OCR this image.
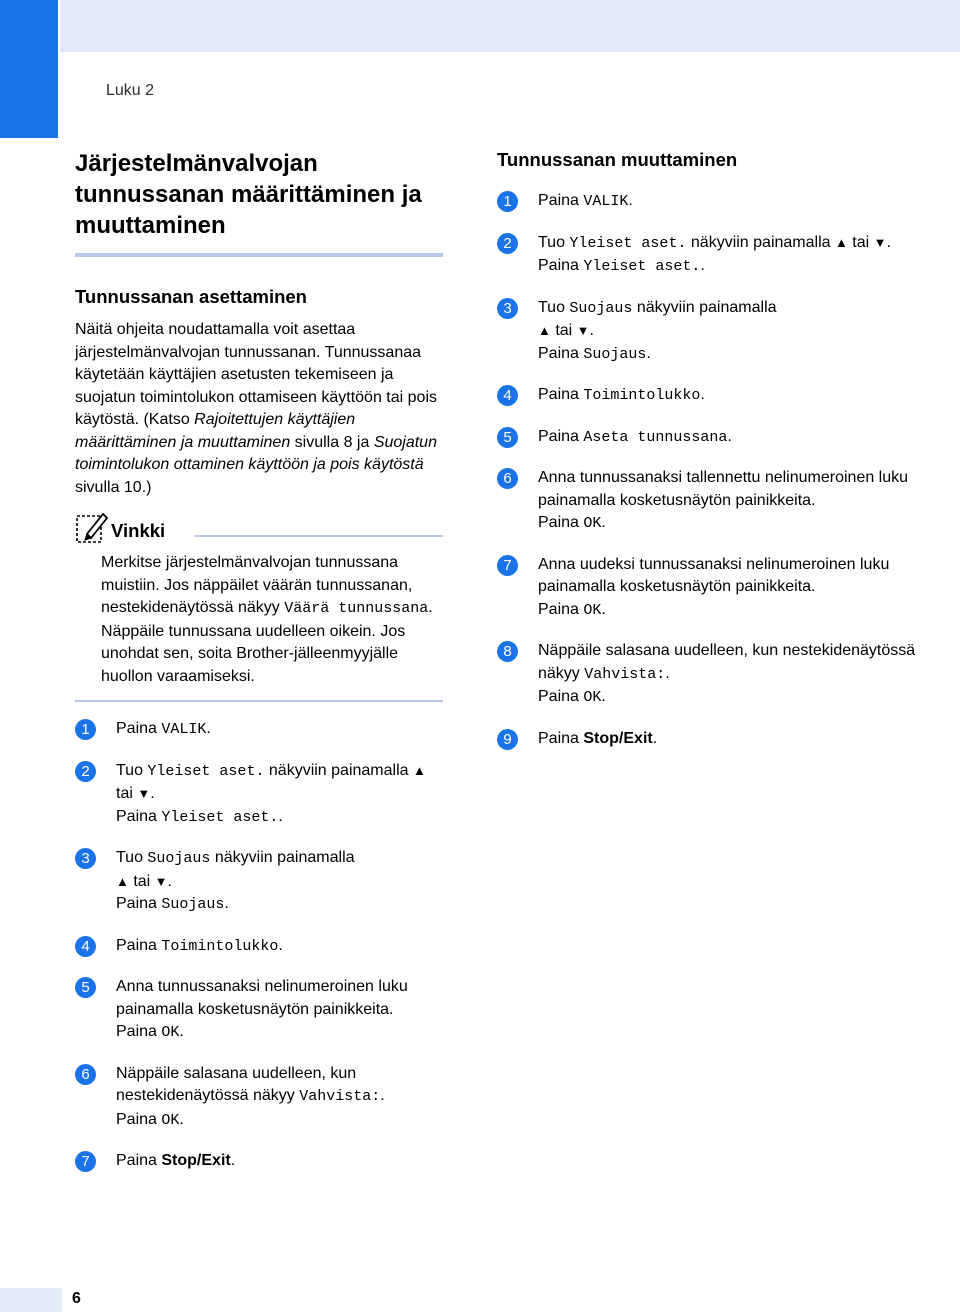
Luku 2
Järjestelmänvalvojan tunnussanan määrittäminen ja muuttaminen
Tunnussanan asettaminen
Näitä ohjeita noudattamalla voit asettaa järjestelmänvalvojan tunnussanan. Tunnussanaa käytetään käyttäjien asetusten tekemiseen ja suojatun toimintolukon ottamiseen käyttöön tai pois käytöstä. (Katso Rajoitettujen käyttäjien määrittäminen ja muuttaminen sivulla 8 ja Suojatun toimintolukon ottaminen käyttöön ja pois käytöstä sivulla 10.)
Vinkki
Merkitse järjestelmänvalvojan tunnussana muistiin. Jos näppäilet väärän tunnussanan, nestekidenäytössä näkyy Väärä tunnussana. Näppäile tunnussana uudelleen oikein. Jos unohdat sen, soita Brother-jälleenmyyjälle huollon varaamiseksi.
1	Paina VALIK.
2	Tuo Yleiset aset. näkyviin painamalla ▲ tai ▼.
Paina Yleiset aset..
3	Tuo Suojaus näkyviin painamalla
▲ tai ▼.
Paina Suojaus.
4	Paina Toimintolukko.
5	Anna tunnussanaksi nelinumeroinen luku painamalla kosketusnäytön painikkeita.
Paina OK.
6	Näppäile salasana uudelleen, kun nestekidenäytössä näkyy Vahvista:.
Paina OK.
7	Paina Stop/Exit.
Tunnussanan muuttaminen
1	Paina VALIK.
2	Tuo Yleiset aset. näkyviin painamalla ▲ tai ▼.
Paina Yleiset aset..
3	Tuo Suojaus näkyviin painamalla
▲ tai ▼.
Paina Suojaus.
4	Paina Toimintolukko.
5	Paina Aseta tunnussana.
6	Anna tunnussanaksi tallennettu nelinumeroinen luku painamalla kosketusnäytön painikkeita.
Paina OK.
7	Anna uudeksi tunnussanaksi nelinumeroinen luku painamalla kosketusnäytön painikkeita.
Paina OK.
8	Näppäile salasana uudelleen, kun nestekidenäytössä näkyy Vahvista:.
Paina OK.
9	Paina Stop/Exit.
6
